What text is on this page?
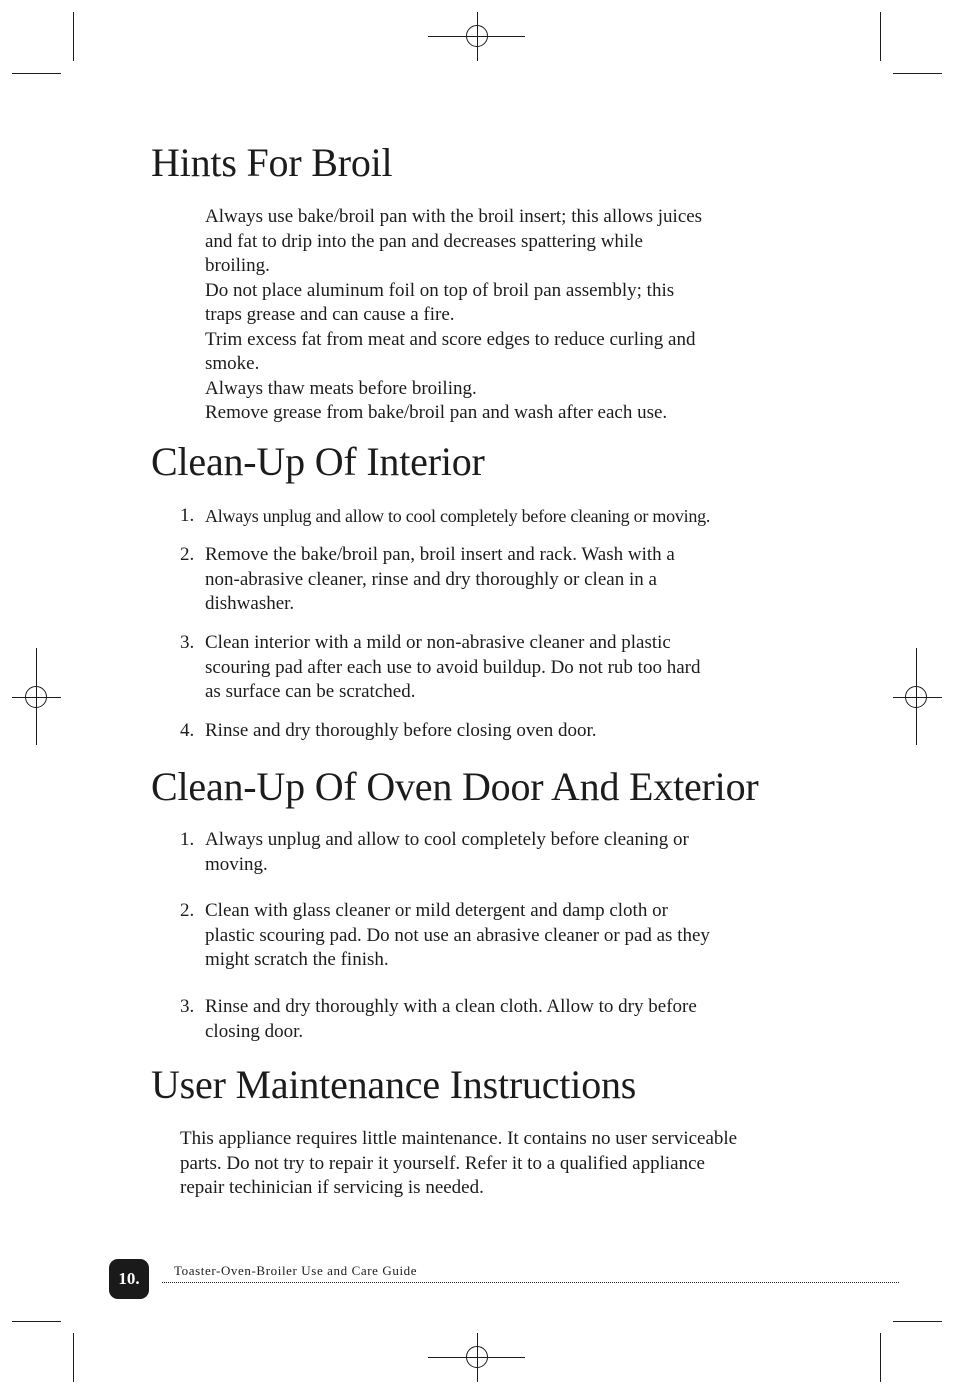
Hints For Broil
Always use bake/broil pan with the broil insert; this allows juices
and fat to drip into the pan and decreases spattering while
broiling.
Do not place aluminum foil on top of broil pan assembly; this
traps grease and can cause a fire.
Trim excess fat from meat and score edges to reduce curling and
smoke.
Always thaw meats before broiling.
Remove grease from bake/broil pan and wash after each use.
Clean-Up Of Interior
1. Always unplug and allow to cool completely before cleaning or moving.
2. Remove the bake/broil pan, broil insert and rack. Wash with a
non-abrasive cleaner, rinse and dry thoroughly or clean in a
dishwasher.
3. Clean interior with a mild or non-abrasive cleaner and plastic
scouring pad after each use to avoid buildup. Do not rub too hard
as surface can be scratched.
4. Rinse and dry thoroughly before closing oven door.
Clean-Up Of Oven Door And Exterior
1. Always unplug and allow to cool completely before cleaning or
moving.
2. Clean with glass cleaner or mild detergent and damp cloth or
plastic scouring pad. Do not use an abrasive cleaner or pad as they
might scratch the finish.
3. Rinse and dry thoroughly with a clean cloth. Allow to dry before
closing door.
User Maintenance Instructions
This appliance requires little maintenance. It contains no user serviceable
parts. Do not try to repair it yourself. Refer it to a qualified appliance
repair techinician if servicing is needed.
10.	Toaster-Oven-Broiler Use and Care Guide
